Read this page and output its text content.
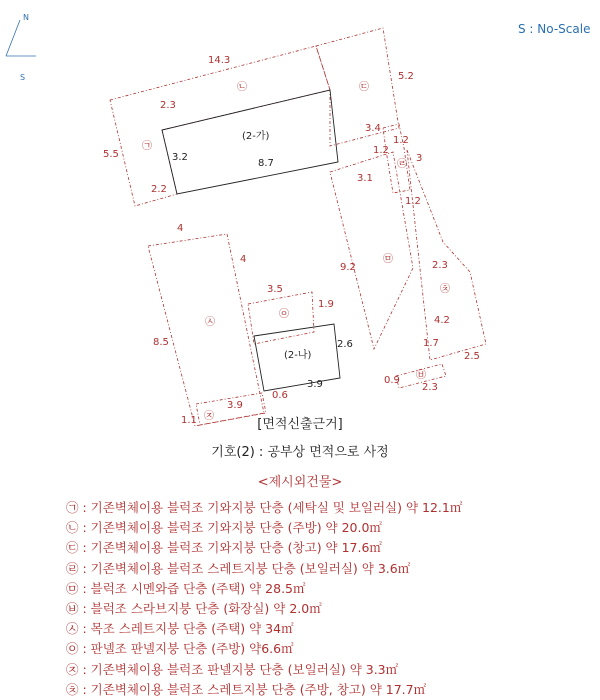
N
S
(2-가)
(2-나)
㉠
㉡	㉢
㉣
㉤
㉥
㉦
㉧
㉨
㉩
14.3
5.2
5.5
2.3
3.2
2.2
8.7
3.4
1.2
1.2
3
3.1
1.2
9.2	2.3
4.2
1.7
2.5
0.9
2.3
4
4
8.5
3.5
1.9
2.6
3.9
1.1
3.9
0.6
S : No-Scale
[면적신출근거]
기호(2) : 공부상 면적으로 사정
<제시외건물>
㉠ : 기존벽체이용 블럭조 기와지붕 단층 (세탁실 및 보일러실) 약 12.1㎡
㉡ : 기존벽체이용 블럭조 기와지붕 단층 (주방) 약 20.0㎡
㉢ : 기존벽체이용 블럭조 기와지붕 단층 (창고) 약 17.6㎡
㉣ : 기존벽체이용 블럭조 스레트지붕 단층 (보일러실) 약 3.6㎡
㉤ : 블럭조 시멘와즙 단층 (주택) 약 28.5㎡
㉥ : 블럭조 스라브지붕 단층 (화장실) 약 2.0㎡
㉦ : 목조 스레트지붕 단층 (주택) 약 34㎡
㉧ : 판넬조 판넬지붕 단층 (주방) 약6.6㎡
㉨ : 기존벽체이용 블럭조 판넬지붕 단층 (보일러실) 약 3.3㎡
㉩ : 기존벽체이용 블럭조 스레트지붕 단층 (주방, 창고) 약 17.7㎡
